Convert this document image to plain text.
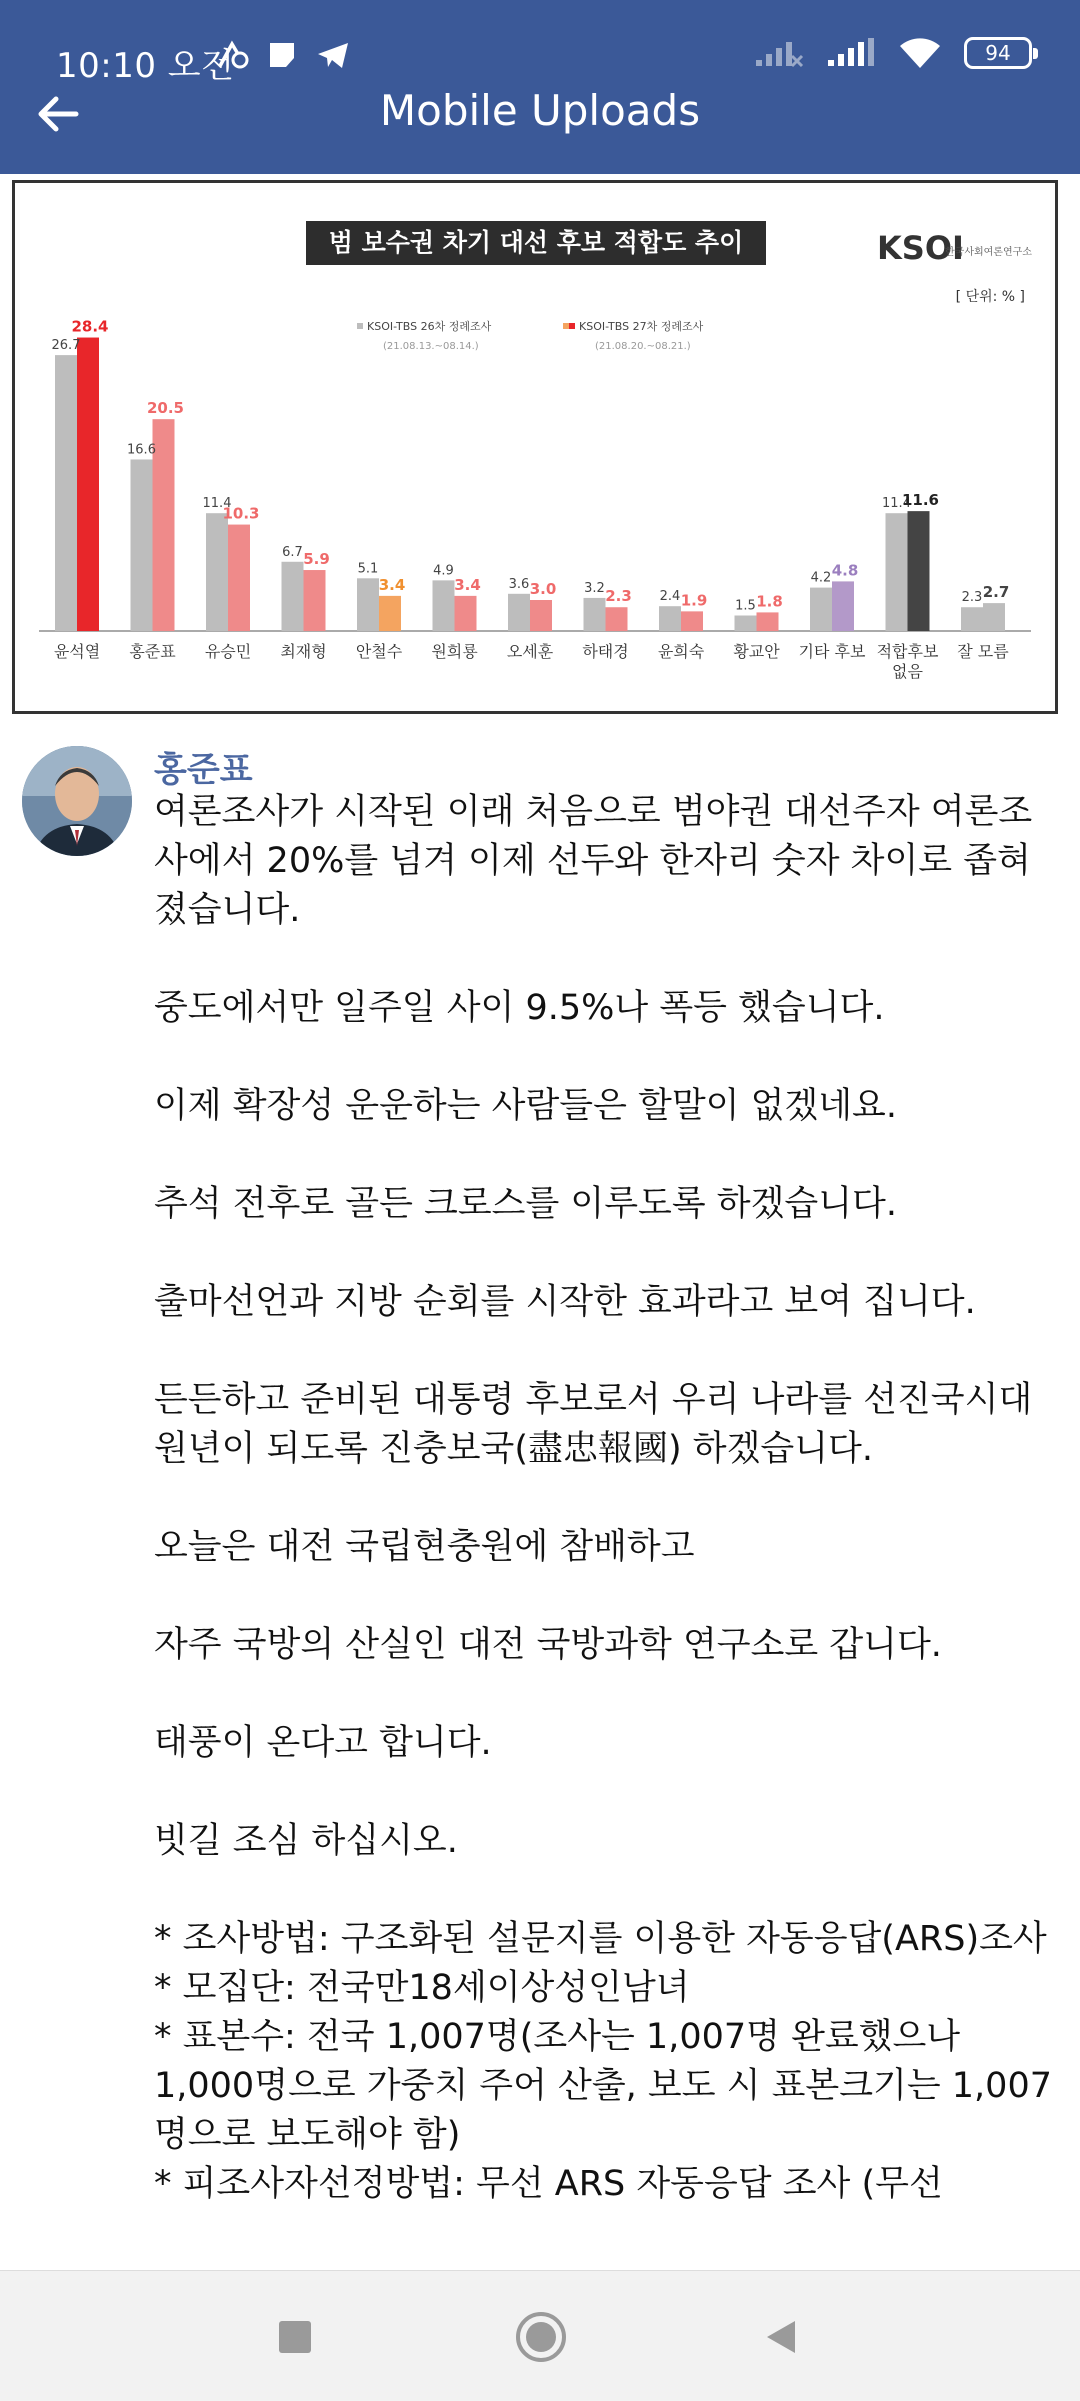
10:10 오전	94
Mobile Uploads
범 보수권 차기 대선 후보 적합도 추이	KSOI
한국사회여론연구소
[ 단위: % ]
KSOI-TBS 26차 정례조사
(21.08.13.~08.14.)
KSOI-TBS 27차 정례조사
(21.08.20.~08.21.)
26.7
28.4
윤석열
16.6
20.5
홍준표
11.4
10.3
유승민
6.7 5.9
최재형
5.1
3.4
안철수
4.9
3.4
원희룡
3.6 3.0
오세훈
3.2 2.3
하태경
2.4 1.9
윤희숙
1.5 1.8
황교안
4.2 4.8
기타 후보
11.4
11.6
적합후보
없음
2.3 2.7
잘 모름
홍준표

여론조사가 시작된 이래 처음으로 범야권 대선주자 여론조사에서 20%를 넘겨 이제 선두와 한자리 숫자 차이로 좁혀 졌습니다.

중도에서만 일주일 사이 9.5%나 폭등 했습니다.

이제 확장성 운운하는 사람들은 할말이 없겠네요.

추석 전후로 골든 크로스를 이루도록 하겠습니다.

출마선언과 지방 순회를 시작한 효과라고 보여 집니다.

든든하고 준비된 대통령 후보로서 우리 나라를 선진국시대 원년이 되도록 진충보국(盡忠報國) 하겠습니다.

오늘은 대전 국립현충원에 참배하고

자주 국방의 산실인 대전 국방과학 연구소로 갑니다.

태풍이 온다고 합니다.

빗길 조심 하십시오.

* 조사방법: 구조화된 설문지를 이용한 자동응답(ARS)조사

* 모집단: 전국만18세이상성인남녀

* 표본수: 전국 1,007명(조사는 1,007명 완료했으나 1,000명으로 가중치 주어 산출, 보도 시 표본크기는 1,007명으로 보도해야 함)

* 피조사자선정방법: 무선 ARS 자동응답 조사 (무선
